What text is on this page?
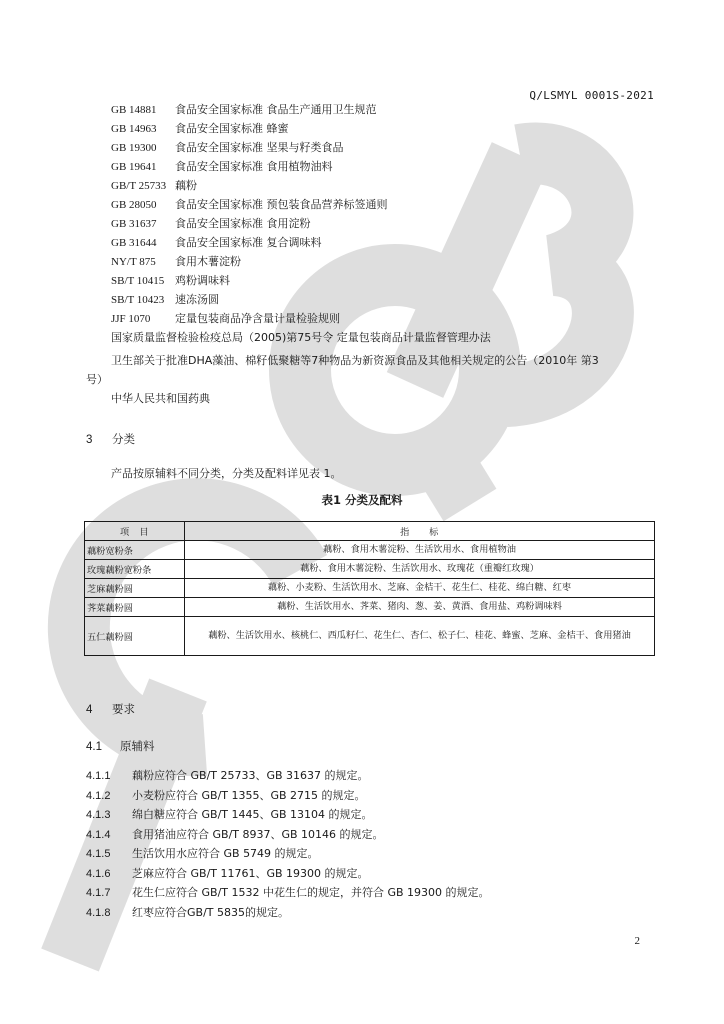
Q/LSMYL 0001S-2021
GB 14881 食品安全国家标准 食品生产通用卫生规范
GB 14963 食品安全国家标准 蜂蜜
GB 19300 食品安全国家标准 坚果与籽类食品
GB 19641 食品安全国家标准 食用植物油料
GB/T 25733 藕粉
GB 28050 食品安全国家标准 预包装食品营养标签通则
GB 31637 食品安全国家标准 食用淀粉
GB 31644 食品安全国家标准 复合调味料
NY/T 875 食用木薯淀粉
SB/T 10415 鸡粉调味料
SB/T 10423 速冻汤圆
JJF 1070 定量包装商品净含量计量检验规则
国家质量监督检验检疫总局（2005)第75号令 定量包装商品计量监督管理办法
卫生部关于批准DHA藻油、棉籽低聚糖等7种物品为新资源食品及其他相关规定的公告（2010年 第3
号）
中华人民共和国药典
3 分类
产品按原辅料不同分类，分类及配料详见表 1。
表1 分类及配料
项　目	指　　标
藕粉宽粉条	藕粉、食用木薯淀粉、生活饮用水、食用植物油
玫瑰藕粉宽粉条	藕粉、食用木薯淀粉、生活饮用水、玫瑰花（重瓣红玫瑰）
芝麻藕粉圆	藕粉、小麦粉、生活饮用水、芝麻、金桔干、花生仁、桂花、绵白糖、红枣
荠菜藕粉圆	藕粉、生活饮用水、荠菜、猪肉、葱、姜、黄酒、食用盐、鸡粉调味料
五仁藕粉圆	藕粉、生活饮用水、核桃仁、西瓜籽仁、花生仁、杏仁、松子仁、桂花、蜂蜜、芝麻、金桔干、食用猪油
4 要求
4.1 原辅料
4.1.1 藕粉应符合 GB/T 25733、GB 31637 的规定。
4.1.2 小麦粉应符合 GB/T 1355、GB 2715 的规定。
4.1.3 绵白糖应符合 GB/T 1445、GB 13104 的规定。
4.1.4 食用猪油应符合 GB/T 8937、GB 10146 的规定。
4.1.5 生活饮用水应符合 GB 5749 的规定。
4.1.6 芝麻应符合 GB/T 11761、GB 19300 的规定。
4.1.7 花生仁应符合 GB/T 1532 中花生仁的规定，并符合 GB 19300 的规定。
4.1.8 红枣应符合GB/T 5835的规定。
2
